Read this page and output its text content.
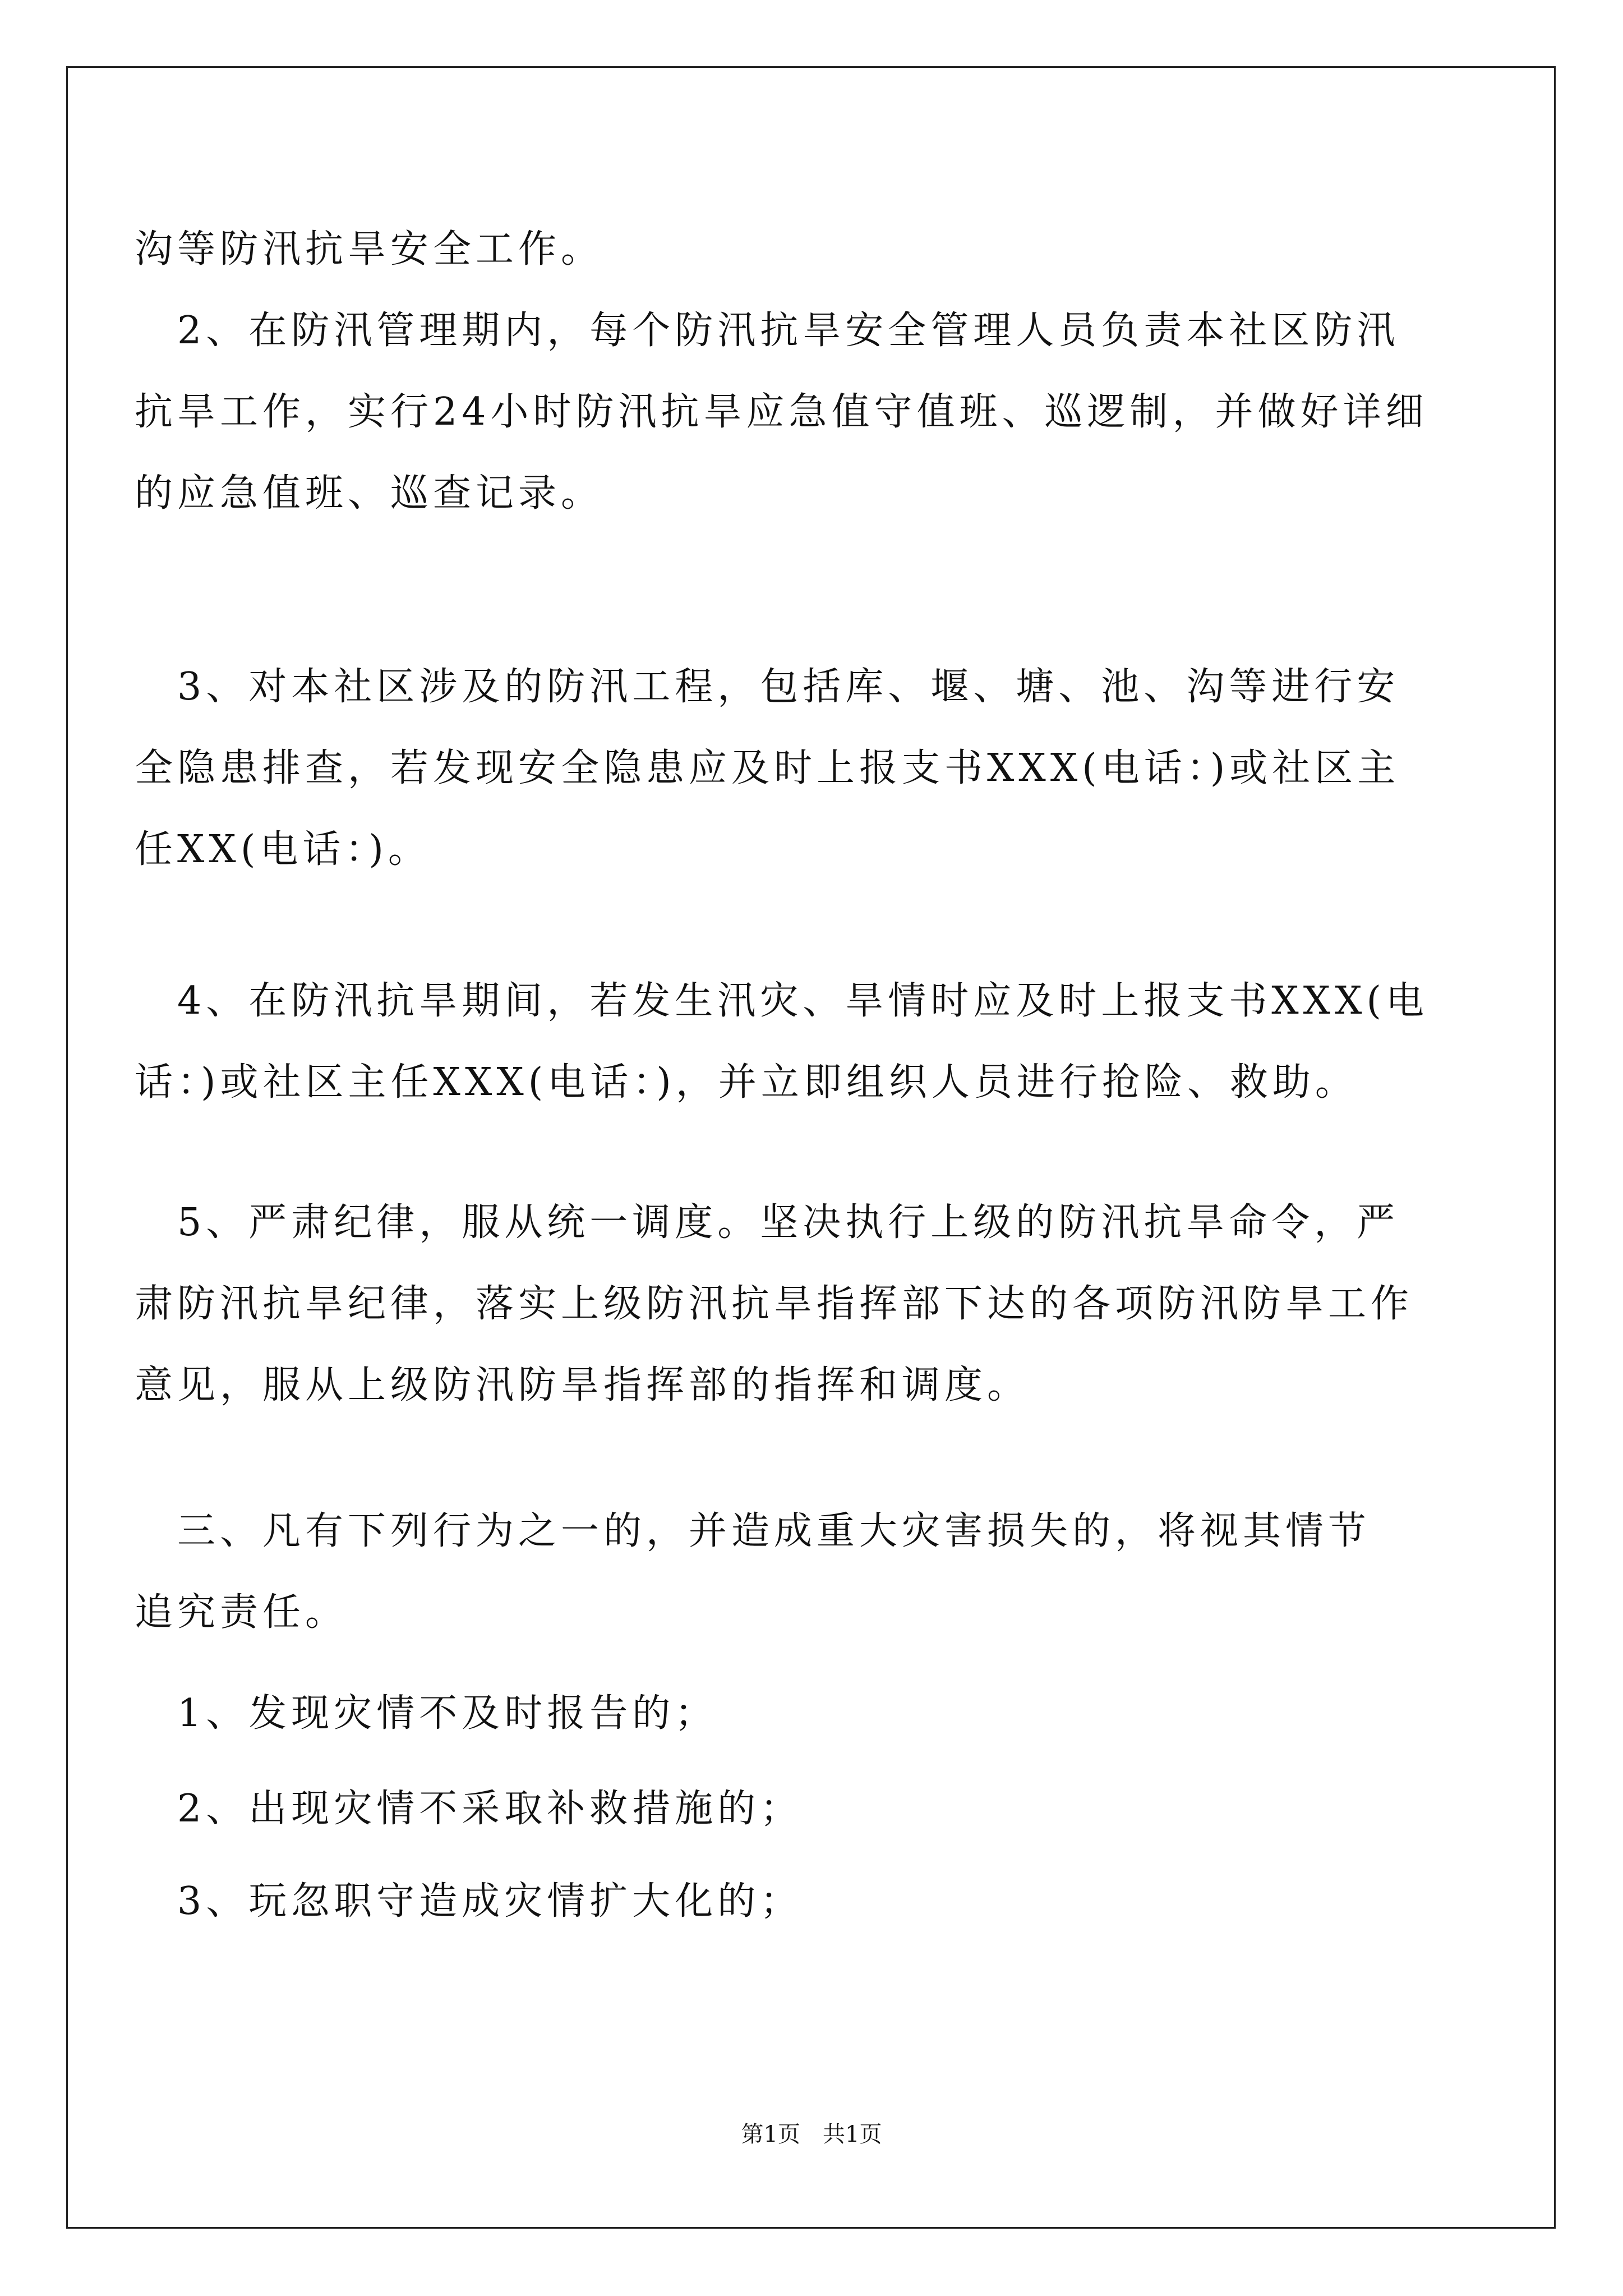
沟等防汛抗旱安全工作。
　2、在防汛管理期内，每个防汛抗旱安全管理人员负责本社区防汛
抗旱工作，实行24小时防汛抗旱应急值守值班、巡逻制，并做好详细
的应急值班、巡查记录。
　3、对本社区涉及的防汛工程，包括库、堰、塘、池、沟等进行安
全隐患排查，若发现安全隐患应及时上报支书XXX(电话：)或社区主
任XX(电话：)。
　4、在防汛抗旱期间，若发生汛灾、旱情时应及时上报支书XXX(电
话：)或社区主任XXX(电话：)，并立即组织人员进行抢险、救助。
　5、严肃纪律，服从统一调度。坚决执行上级的防汛抗旱命令，严
肃防汛抗旱纪律，落实上级防汛抗旱指挥部下达的各项防汛防旱工作
意见，服从上级防汛防旱指挥部的指挥和调度。
　三、凡有下列行为之一的，并造成重大灾害损失的，将视其情节
追究责任。
　1、发现灾情不及时报告的；
　2、出现灾情不采取补救措施的；
　3、玩忽职守造成灾情扩大化的；
第1页　共1页
